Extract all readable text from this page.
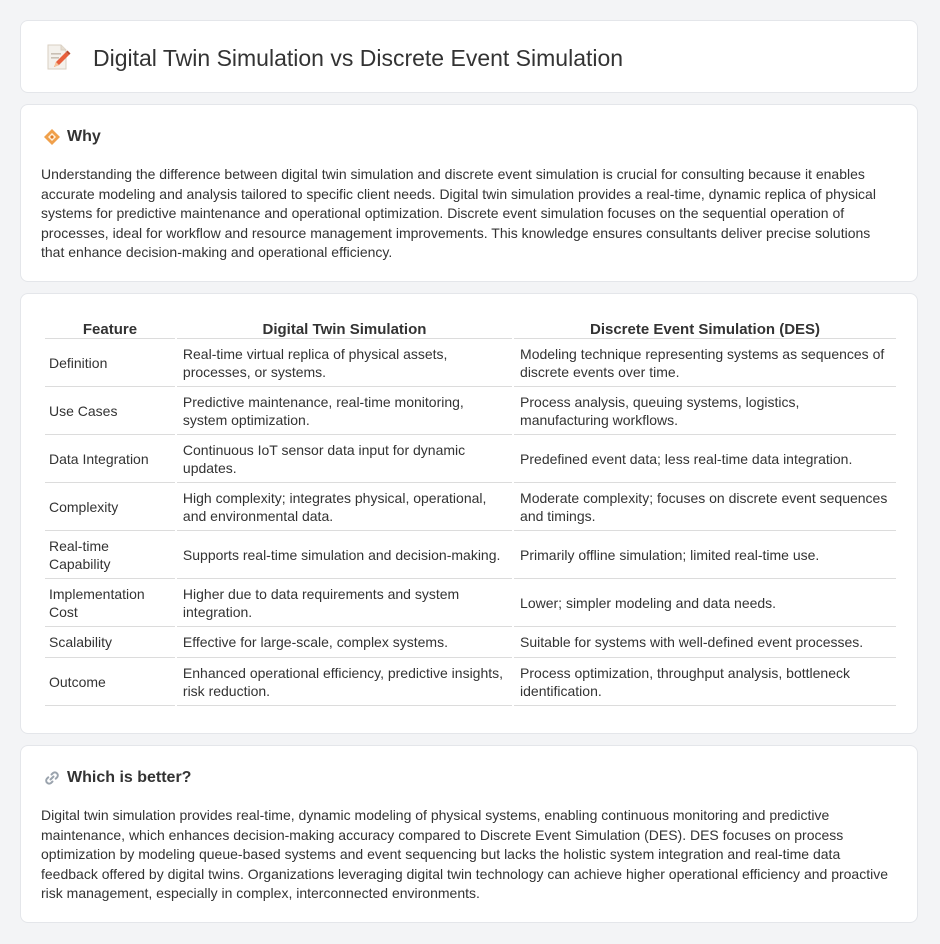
Digital Twin Simulation vs Discrete Event Simulation
Why

Understanding the difference between digital twin simulation and discrete event simulation is crucial for consulting because it enables accurate modeling and analysis tailored to specific client needs. Digital twin simulation provides a real-time, dynamic replica of physical systems for predictive maintenance and operational optimization. Discrete event simulation focuses on the sequential operation of processes, ideal for workflow and resource management improvements. This knowledge ensures consultants deliver precise solutions that enhance decision-making and operational efficiency.

Feature	Digital Twin Simulation	Discrete Event Simulation (DES)
Definition	Real-time virtual replica of physical assets, processes, or systems.	Modeling technique representing systems as sequences of discrete events over time.
Use Cases	Predictive maintenance, real-time monitoring, system optimization.	Process analysis, queuing systems, logistics, manufacturing workflows.
Data Integration	Continuous IoT sensor data input for dynamic updates.	Predefined event data; less real-time data integration.
Complexity	High complexity; integrates physical, operational, and environmental data.	Moderate complexity; focuses on discrete event sequences and timings.
Real-time Capability	Supports real-time simulation and decision-making.	Primarily offline simulation; limited real-time use.
Implementation Cost	Higher due to data requirements and system integration.	Lower; simpler modeling and data needs.
Scalability	Effective for large-scale, complex systems.	Suitable for systems with well-defined event processes.
Outcome	Enhanced operational efficiency, predictive insights, risk reduction.	Process optimization, throughput analysis, bottleneck identification.
Which is better?

Digital twin simulation provides real-time, dynamic modeling of physical systems, enabling continuous monitoring and predictive maintenance, which enhances decision-making accuracy compared to Discrete Event Simulation (DES). DES focuses on process optimization by modeling queue-based systems and event sequencing but lacks the holistic system integration and real-time data feedback offered by digital twins. Organizations leveraging digital twin technology can achieve higher operational efficiency and proactive risk management, especially in complex, interconnected environments.
